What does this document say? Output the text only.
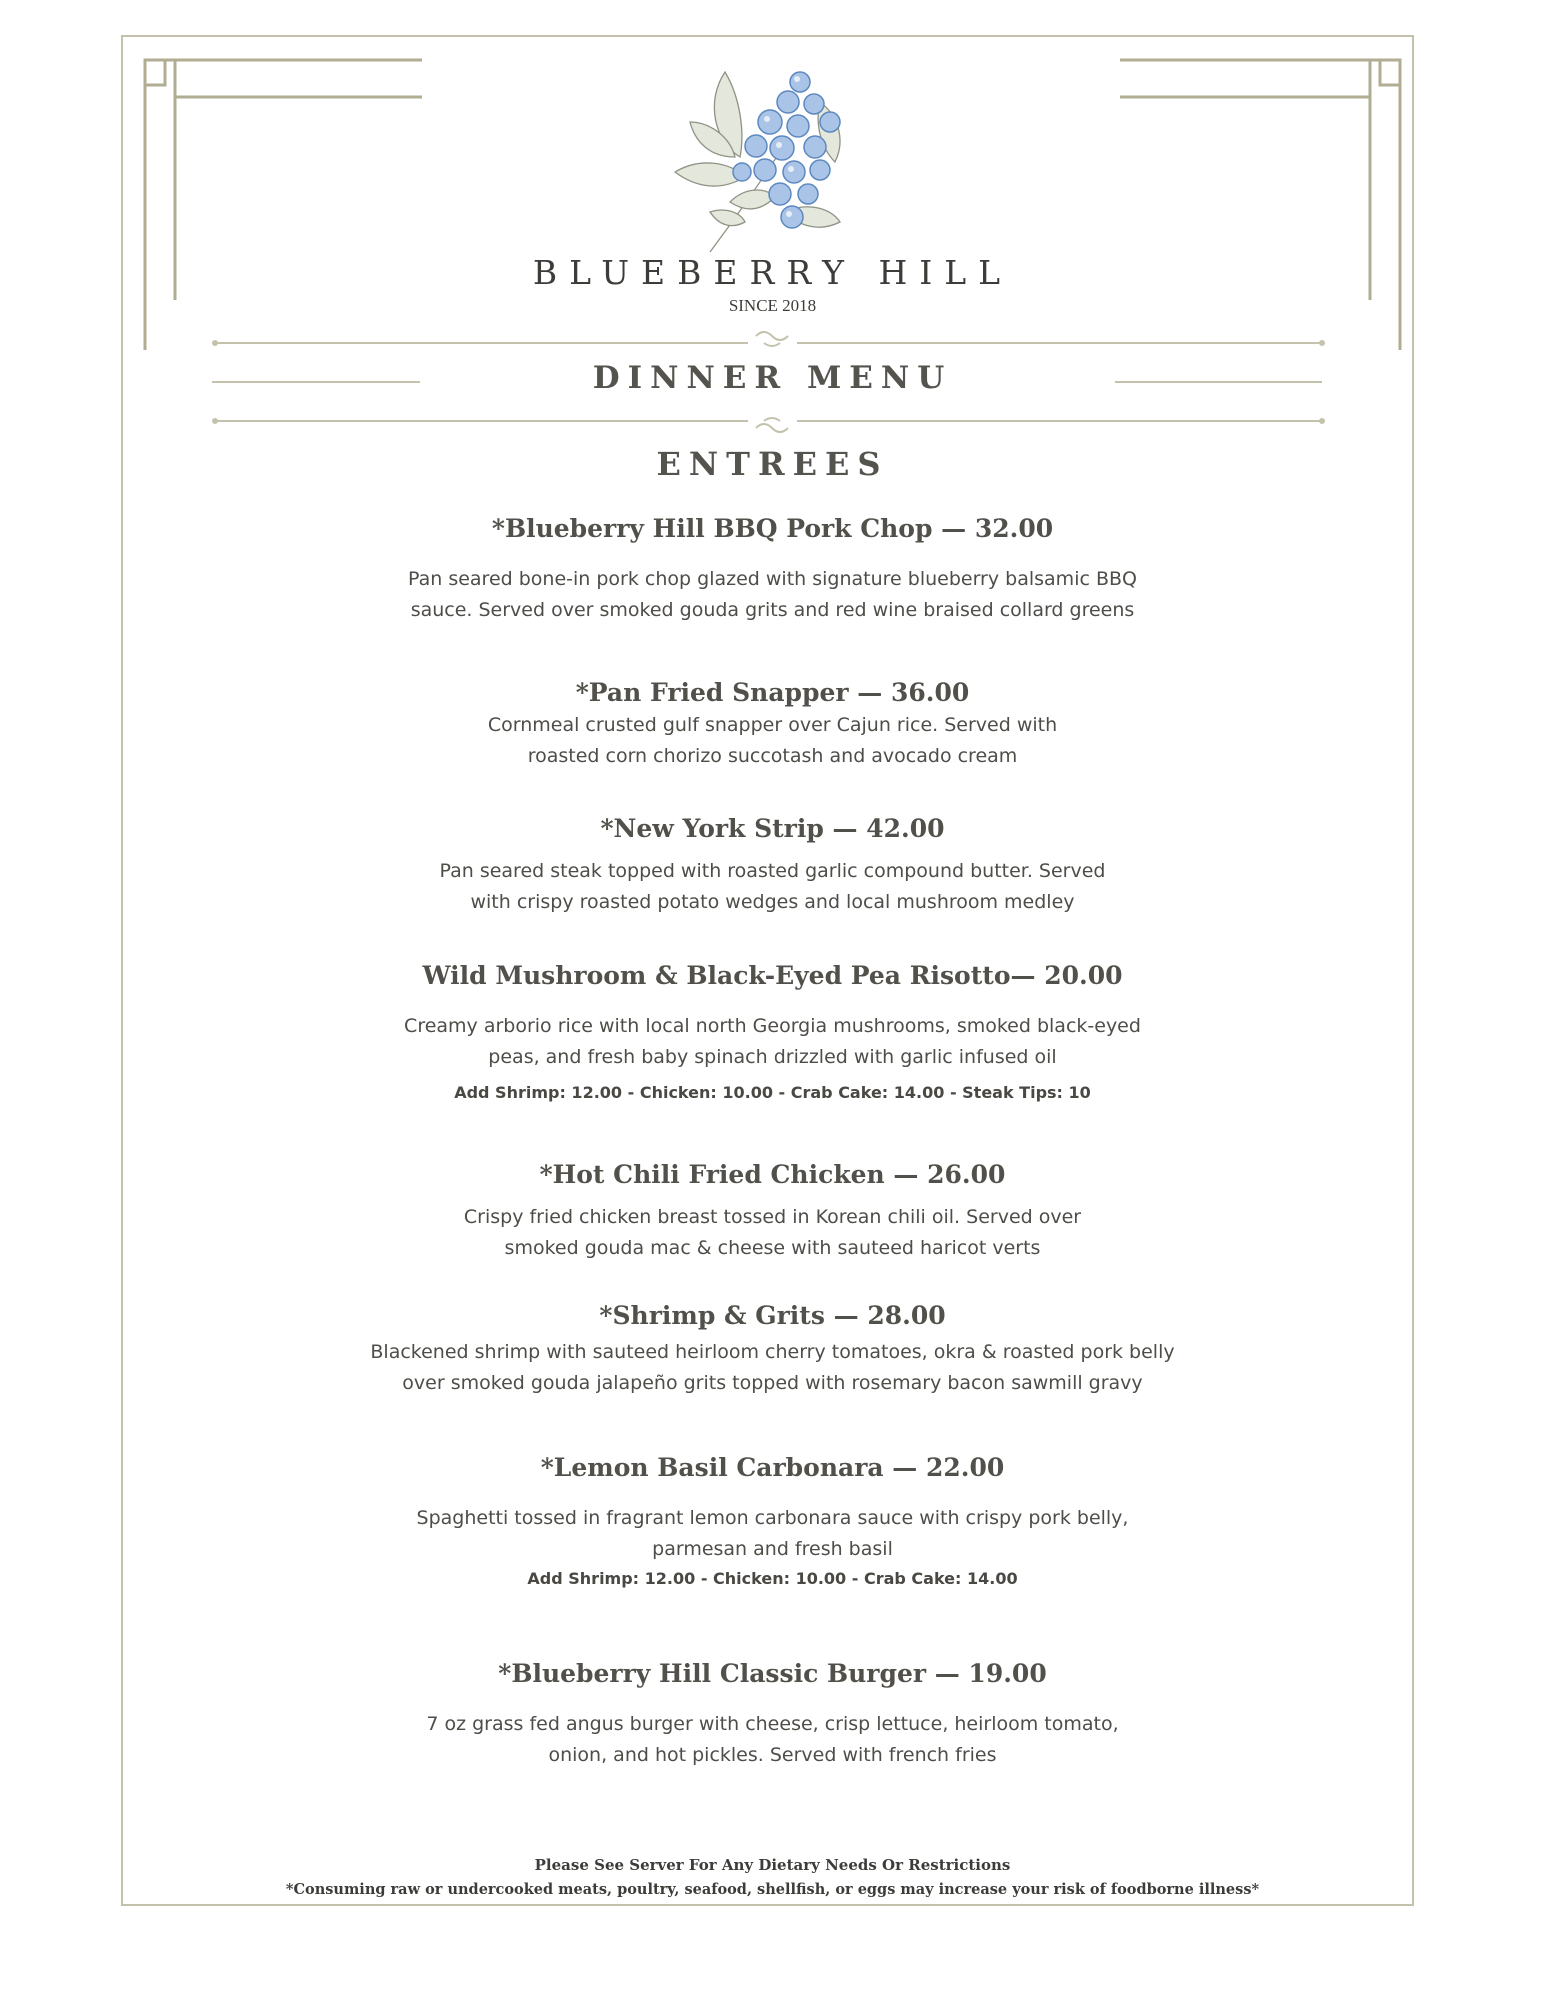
BLUEBERRY HILL
SINCE 2018
DINNER MENU
ENTREES
*Blueberry Hill BBQ Pork Chop — 32.00
Pan seared bone-in pork chop glazed with signature blueberry balsamic BBQ
sauce. Served over smoked gouda grits and red wine braised collard greens
*Pan Fried Snapper — 36.00
Cornmeal crusted gulf snapper over Cajun rice. Served with
roasted corn chorizo succotash and avocado cream
*New York Strip — 42.00
Pan seared steak topped with roasted garlic compound butter. Served
with crispy roasted potato wedges and local mushroom medley
Wild Mushroom & Black-Eyed Pea Risotto— 20.00
Creamy arborio rice with local north Georgia mushrooms, smoked black-eyed
peas, and fresh baby spinach drizzled with garlic infused oil
Add Shrimp: 12.00 - Chicken: 10.00 - Crab Cake: 14.00 - Steak Tips: 10
*Hot Chili Fried Chicken — 26.00
Crispy fried chicken breast tossed in Korean chili oil. Served over
smoked gouda mac & cheese with sauteed haricot verts
*Shrimp & Grits — 28.00
Blackened shrimp with sauteed heirloom cherry tomatoes, okra & roasted pork belly
over smoked gouda jalapeño grits topped with rosemary bacon sawmill gravy
*Lemon Basil Carbonara — 22.00
Spaghetti tossed in fragrant lemon carbonara sauce with crispy pork belly,
parmesan and fresh basil
Add Shrimp: 12.00 - Chicken: 10.00 - Crab Cake: 14.00
*Blueberry Hill Classic Burger — 19.00
7 oz grass fed angus burger with cheese, crisp lettuce, heirloom tomato,
onion, and hot pickles. Served with french fries
Please See Server For Any Dietary Needs Or Restrictions
*Consuming raw or undercooked meats, poultry, seafood, shellfish, or eggs may increase your risk of foodborne illness*
